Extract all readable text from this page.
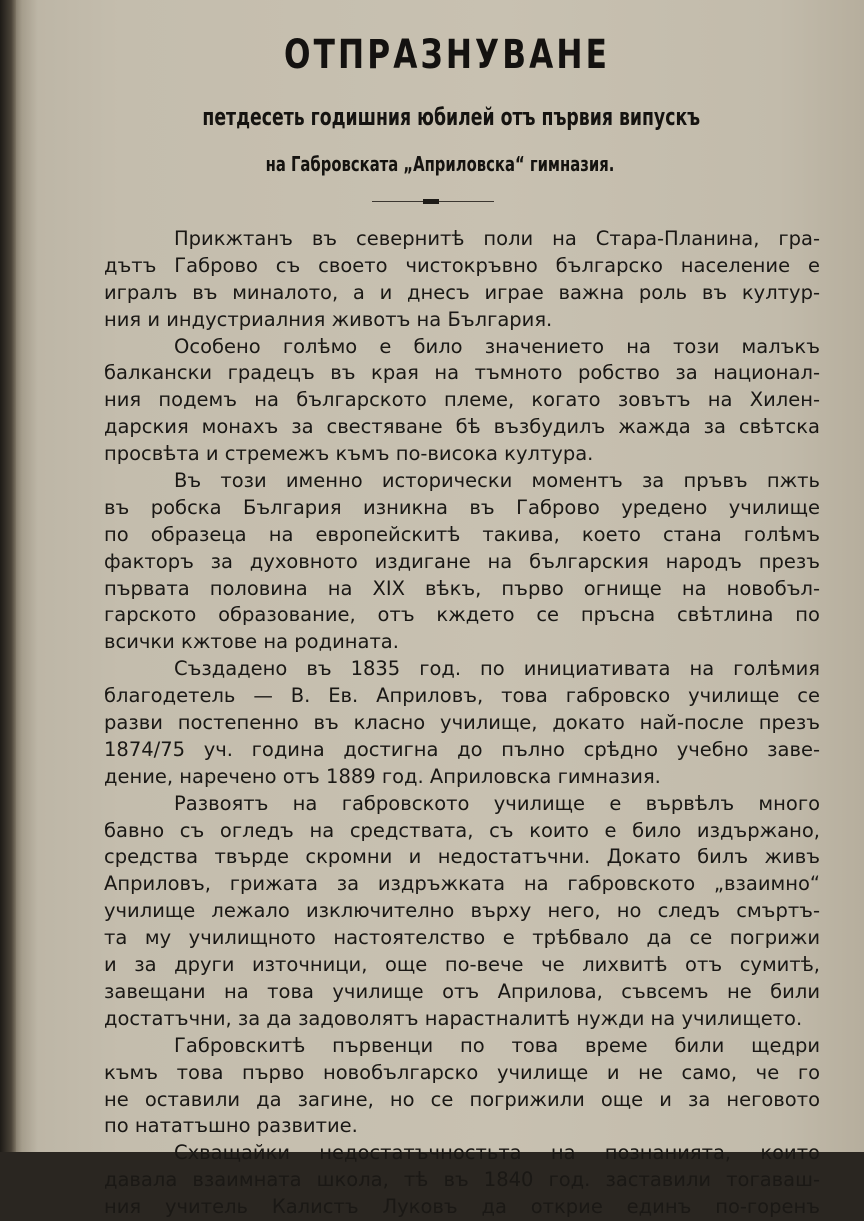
ОТПРАЗНУВАНЕ
петдесеть годишния юбилей отъ първия випускъ
на Габровската „Априловска“ гимназия.
Прикжтанъ въ севернитѣ поли на Стара-Планина, гра-
дътъ Габрово съ своето чистокръвно българско население е
игралъ въ миналото, а и днесъ играе важна роль въ култур-
ния и индустриалния животъ на България.
Особено голѣмо е било значението на този малъкъ
балкански градецъ въ края на тъмното робство за национал-
ния подемъ на българското племе, когато зовътъ на Хилен-
дарския монахъ за свестяване бѣ възбудилъ жажда за свѣтска
просвѣта и стремежъ къмъ по-висока култура.
Въ този именно исторически моментъ за пръвъ пжть
въ робска България изникна въ Габрово уредено училище
по образеца на европейскитѣ такива, което стана голѣмъ
факторъ за духовното издигане на българския народъ презъ
първата половина на XIX вѣкъ, първо огнище на новобъл-
гарското образование, отъ кждето се пръсна свѣтлина по
всички кжтове на родината.
Създадено въ 1835 год. по инициативата на голѣмия
благодетель — В. Ев. Априловъ, това габровско училище се
разви постепенно въ класно училище, докато най-после презъ
1874/75 уч. година достигна до пълно срѣдно учебно заве-
дение, наречено отъ 1889 год. Априловска гимназия.
Развоятъ на габровското училище е вървѣлъ много
бавно съ огледъ на срeдствата, съ които е било издържано,
средства твърде скромни и недостатъчни. Докато билъ живъ
Априловъ, грижата за издръжката на габровското „взаимно“
училище лежало изключително върху него, но следъ смъртъ-
та му училищното настоятелство е трѣбвало да се погрижи
и за други източници, още по-вече че лихвитѣ отъ сумитѣ,
завещани на това училище отъ Априлова, съвсемъ не били
достатъчни, за да задоволятъ нарастналитѣ нужди на училището.
Габровскитѣ първенци по това време били щедри
къмъ това първо новобългарско училище и не само, че го
не оставили да загине, но се погрижили още и за неговото
по нататъшно развитие.
Схващайки недостатъчностьта на познанията, които
давала взаимната школа, тѣ въ 1840 год. заставили тогаваш-
ния учитель Калистъ Луковъ да открие единъ по-горенъ
